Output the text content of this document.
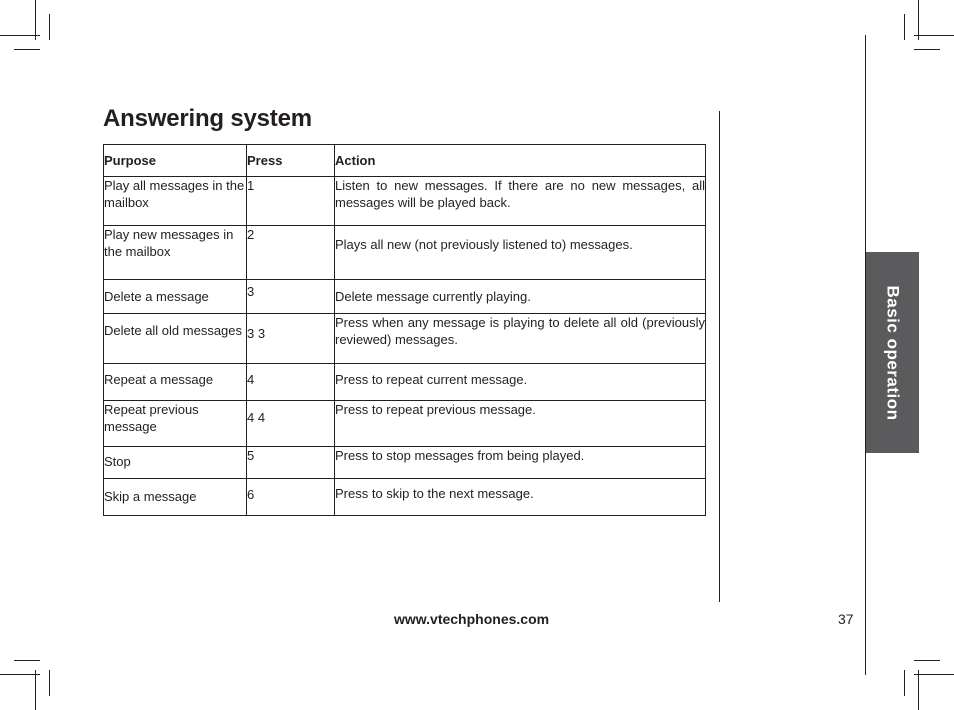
Basic operation
Answering system
Purpose	Press	Action
Play all messages in the mailbox	1	Listen to new messages. If there are no new messages, all messages will be played back.
Play new messages in the mailbox	2	Plays all new (not previously listened to) messages.
Delete a message	3	Delete message currently playing.
Delete all old messages	3 3	Press when any message is playing to delete all old (previously reviewed) messages.
Repeat a message	4	Press to repeat current message.
Repeat previous message	4 4	Press to repeat previous message.
Stop	5	Press to stop messages from being played.
Skip a message	6	Press to skip to the next message.
www.vtechphones.com	37
